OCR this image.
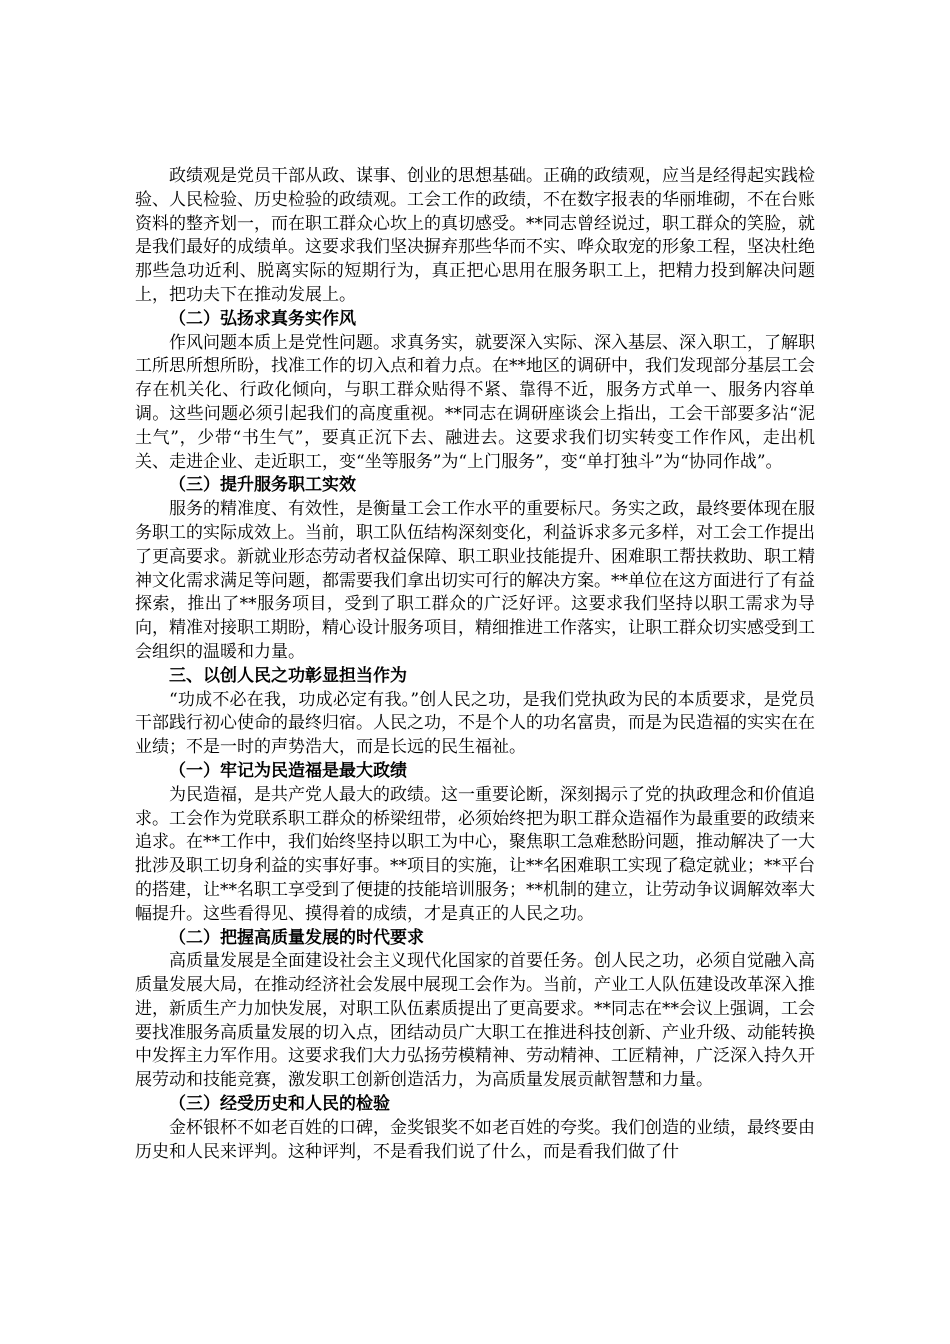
政绩观是党员干部从政、谋事、创业的思想基础。正确的政绩观，应当是经得起实践检验、人民检验、历史检验的政绩观。工会工作的政绩，不在数字报表的华丽堆砌，不在台账资料的整齐划一，而在职工群众心坎上的真切感受。**同志曾经说过，职工群众的笑脸，就是我们最好的成绩单。这要求我们坚决摒弃那些华而不实、哗众取宠的形象工程，坚决杜绝那些急功近利、脱离实际的短期行为，真正把心思用在服务职工上，把精力投到解决问题上，把功夫下在推动发展上。

（二）弘扬求真务实作风

作风问题本质上是党性问题。求真务实，就要深入实际、深入基层、深入职工，了解职工所思所想所盼，找准工作的切入点和着力点。在**地区的调研中，我们发现部分基层工会存在机关化、行政化倾向，与职工群众贴得不紧、靠得不近，服务方式单一、服务内容单调。这些问题必须引起我们的高度重视。**同志在调研座谈会上指出，工会干部要多沾“泥土气”，少带“书生气”，要真正沉下去、融进去。这要求我们切实转变工作作风，走出机关、走进企业、走近职工，变“坐等服务”为“上门服务”，变“单打独斗”为“协同作战”。

（三）提升服务职工实效

服务的精准度、有效性，是衡量工会工作水平的重要标尺。务实之政，最终要体现在服务职工的实际成效上。当前，职工队伍结构深刻变化，利益诉求多元多样，对工会工作提出了更高要求。新就业形态劳动者权益保障、职工职业技能提升、困难职工帮扶救助、职工精神文化需求满足等问题，都需要我们拿出切实可行的解决方案。**单位在这方面进行了有益探索，推出了**服务项目，受到了职工群众的广泛好评。这要求我们坚持以职工需求为导向，精准对接职工期盼，精心设计服务项目，精细推进工作落实，让职工群众切实感受到工会组织的温暖和力量。

三、以创人民之功彰显担当作为

“功成不必在我，功成必定有我。”创人民之功，是我们党执政为民的本质要求，是党员干部践行初心使命的最终归宿。人民之功，不是个人的功名富贵，而是为民造福的实实在在业绩；不是一时的声势浩大，而是长远的民生福祉。

（一）牢记为民造福是最大政绩

为民造福，是共产党人最大的政绩。这一重要论断，深刻揭示了党的执政理念和价值追求。工会作为党联系职工群众的桥梁纽带，必须始终把为职工群众造福作为最重要的政绩来追求。在**工作中，我们始终坚持以职工为中心，聚焦职工急难愁盼问题，推动解决了一大批涉及职工切身利益的实事好事。**项目的实施，让**名困难职工实现了稳定就业；**平台的搭建，让**名职工享受到了便捷的技能培训服务；**机制的建立，让劳动争议调解效率大幅提升。这些看得见、摸得着的成绩，才是真正的人民之功。

（二）把握高质量发展的时代要求

高质量发展是全面建设社会主义现代化国家的首要任务。创人民之功，必须自觉融入高质量发展大局，在推动经济社会发展中展现工会作为。当前，产业工人队伍建设改革深入推进，新质生产力加快发展，对职工队伍素质提出了更高要求。**同志在**会议上强调，工会要找准服务高质量发展的切入点，团结动员广大职工在推进科技创新、产业升级、动能转换中发挥主力军作用。这要求我们大力弘扬劳模精神、劳动精神、工匠精神，广泛深入持久开展劳动和技能竞赛，激发职工创新创造活力，为高质量发展贡献智慧和力量。

（三）经受历史和人民的检验

金杯银杯不如老百姓的口碑，金奖银奖不如老百姓的夸奖。我们创造的业绩，最终要由历史和人民来评判。这种评判，不是看我们说了什么，而是看我们做了什
